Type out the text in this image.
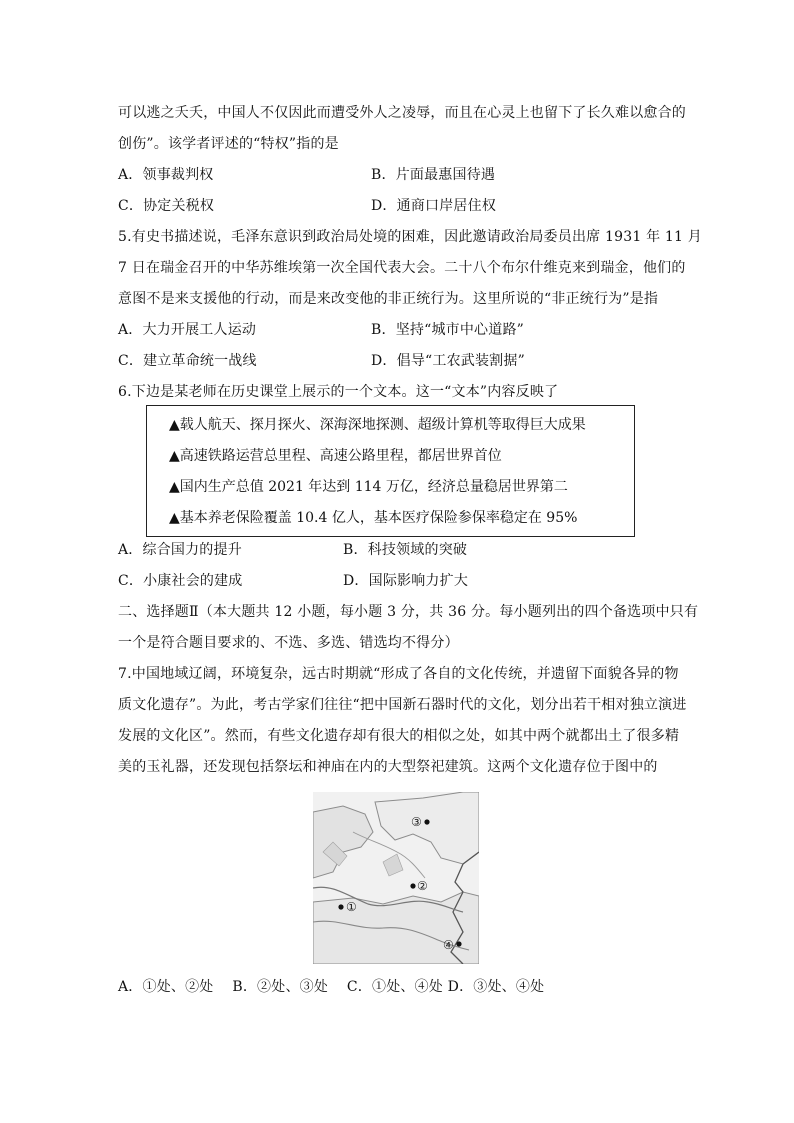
可以逃之夭夭，中国人不仅因此而遭受外人之凌辱，而且在心灵上也留下了长久难以愈合的
创伤”。该学者评述的“特权”指的是
A．领事裁判权	B．片面最惠国待遇
C．协定关税权	D．通商口岸居住权
5.有史书描述说，毛泽东意识到政治局处境的困难，因此邀请政治局委员出席 1931 年 11 月
7 日在瑞金召开的中华苏维埃第一次全国代表大会。二十八个布尔什维克来到瑞金，他们的
意图不是来支援他的行动，而是来改变他的非正统行为。这里所说的“非正统行为”是指
A．大力开展工人运动	B．坚持“城市中心道路”
C．建立革命统一战线	D．倡导“工农武装割据”
6.下边是某老师在历史课堂上展示的一个文本。这一“文本”内容反映了
▲载人航天、探月探火、深海深地探测、超级计算机等取得巨大成果
▲高速铁路运营总里程、高速公路里程，都居世界首位
▲国内生产总值 2021 年达到 114 万亿，经济总量稳居世界第二
▲基本养老保险覆盖 10.4 亿人，基本医疗保险参保率稳定在 95%
A．综合国力的提升	B．科技领域的突破
C．小康社会的建成	D．国际影响力扩大
二、选择题Ⅱ（本大题共 12 小题，每小题 3 分，共 36 分。每小题列出的四个备选项中只有
一个是符合题目要求的、不选、多选、错选均不得分）
7.中国地域辽阔，环境复杂，远古时期就“形成了各自的文化传统，并遗留下面貌各异的物
质文化遗存”。为此，考古学家们往往“把中国新石器时代的文化，划分出若干相对独立演进
发展的文化区”。然而，有些文化遗存却有很大的相似之处，如其中两个就都出土了很多精
美的玉礼器，还发现包括祭坛和神庙在内的大型祭祀建筑。这两个文化遗存位于图中的
③
②
①
④
A．①处、②处　 B．②处、③处　 C．①处、④处 D．③处、④处
